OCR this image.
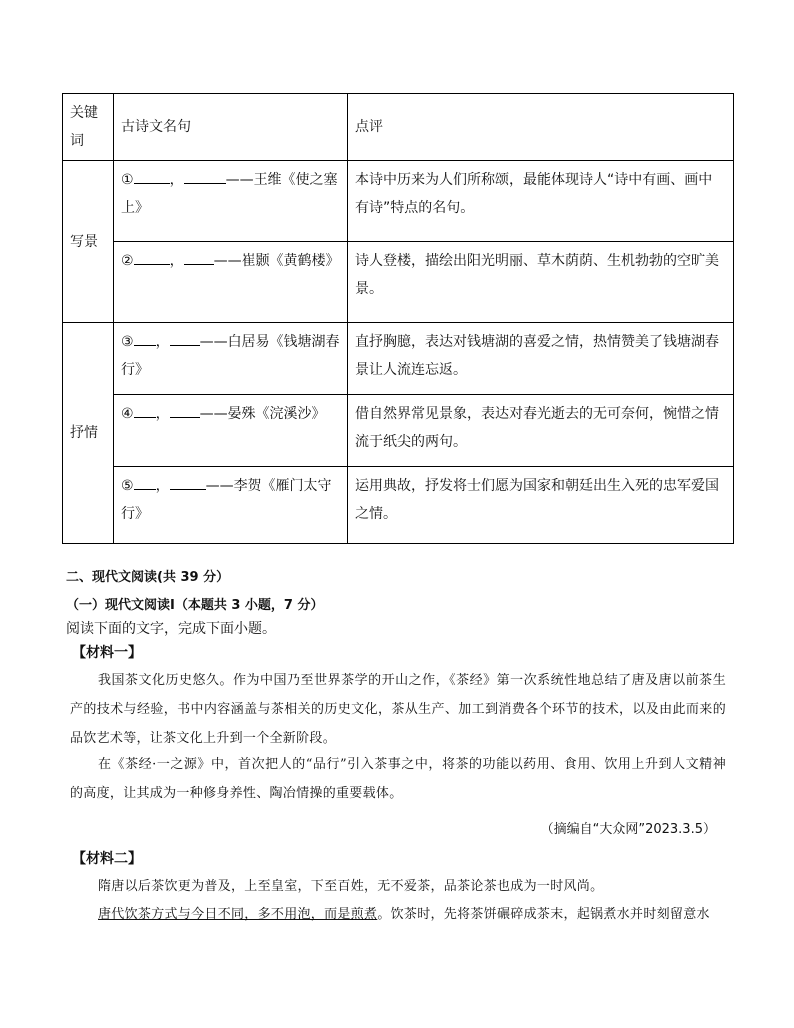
关键词	古诗文名句	点评
写景	① ， ——王维《使之塞上》	本诗中历来为人们所称颂，最能体现诗人“诗中有画、画中有诗”特点的名句。
	② ， ——崔颢《黄鹤楼》	诗人登楼，描绘出阳光明丽、草木荫荫、生机勃勃的空旷美景。
抒情	③ ， ——白居易《钱塘湖春行》	直抒胸臆，表达对钱塘湖的喜爱之情，热情赞美了钱塘湖春景让人流连忘返。
	④ ， ——晏殊《浣溪沙》	借自然界常见景象，表达对春光逝去的无可奈何，惋惜之情流于纸尖的两句。
	⑤ ， ——李贺《雁门太守行》	运用典故，抒发将士们愿为国家和朝廷出生入死的忠军爱国之情。
二、现代文阅读(共 39 分）
（一）现代文阅读Ⅰ（本题共 3 小题，7 分）
阅读下面的文字，完成下面小题。
【材料一】
我国茶文化历史悠久。作为中国乃至世界茶学的开山之作，《茶经》第一次系统性地总结了唐及唐以前茶生产的技术与经验，书中内容涵盖与茶相关的历史文化，茶从生产、加工到消费各个环节的技术，以及由此而来的品饮艺术等，让茶文化上升到一个全新阶段。
在《茶经·一之源》中，首次把人的“品行”引入茶事之中，将茶的功能以药用、食用、饮用上升到人文精神的高度，让其成为一种修身养性、陶冶情操的重要载体。
（摘编自“大众网”2023.3.5）
【材料二】
隋唐以后茶饮更为普及，上至皇室，下至百姓，无不爱茶，品茶论茶也成为一时风尚。
唐代饮茶方式与今日不同，多不用泡，而是煎煮。饮茶时，先将茶饼碾碎成茶末，起锅煮水并时刻留意水
